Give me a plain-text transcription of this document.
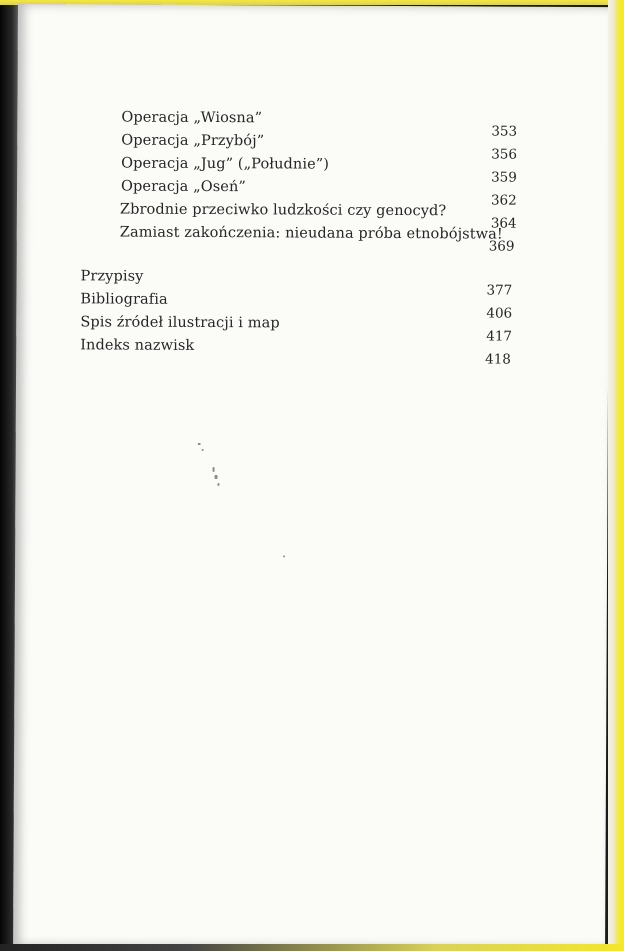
Operacja „Wiosna”
353
Operacja „Przybój”
356
Operacja „Jug” („Południe”)
359
Operacja „Oseń”
362
Zbrodnie przeciwko ludzkości czy genocyd?
364
Zamiast zakończenia: nieudana próba etnobójstwa!
369
Przypisy
377
Bibliografia
406
Spis źródeł ilustracji i map
417
Indeks nazwisk
418
